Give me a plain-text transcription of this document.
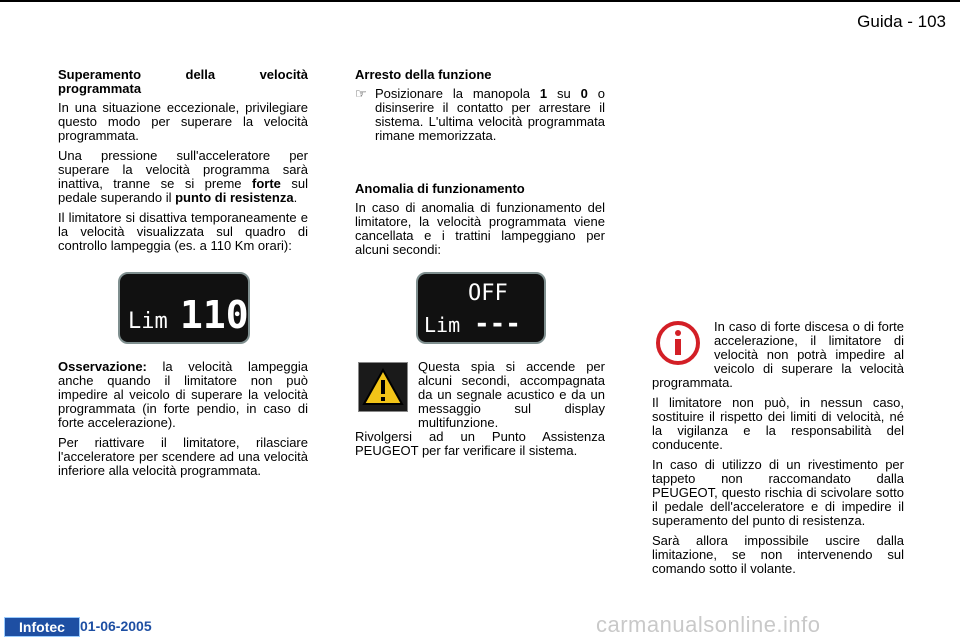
Guida - 103
Superamento della velocità programmata

In una situazione eccezionale, privilegiare questo modo per superare la velocità programmata.

Una pressione sull'acceleratore per superare la velocità programma sarà inattiva, tranne se si preme forte sul pedale superando il punto di resistenza.

Il limitatore si disattiva temporaneamente e la velocità visualizzata sul quadro di controllo lampeggia (es. a 110 Km orari):

Lim 110

Osservazione: la velocità lampeggia anche quando il limitatore non può impedire al veicolo di superare la velocità programmata (in forte pendio, in caso di forte accelerazione).

Per riattivare il limitatore, rilasciare l'acceleratore per scendere ad una velocità inferiore alla velocità programmata.

Arresto della funzione
☞ Posizionare la manopola 1 su 0 o disinserire il contatto per arrestare il sistema. L'ultima velocità programmata rimane memorizzata.
Anomalia di funzionamento

In caso di anomalia di funzionamento del limitatore, la velocità programmata viene cancellata e i trattini lampeggiano per alcuni secondi:

OFF
Lim ---
Questa spia si accende per alcuni secondi, accompagnata da un segnale acustico e da un messaggio sul display multifunzione.
Rivolgersi ad un Punto Assistenza PEUGEOT per far verificare il sistema.

In caso di forte discesa o di forte accelerazione, il limitatore di velocità non potrà impedire al veicolo di superare la velocità programmata.

Il limitatore non può, in nessun caso, sostituire il rispetto dei limiti di velocità, né la vigilanza e la responsabilità del conducente.

In caso di utilizzo di un rivestimento per tappeto non raccomandato dalla PEUGEOT, questo rischia di scivolare sotto il pedale dell'acceleratore e di impedire il superamento del punto di resistenza.

Sarà allora impossibile uscire dalla limitazione, se non intervenendo sul comando sotto il volante.

Infotec	01-06-2005	carmanualsonline.info
